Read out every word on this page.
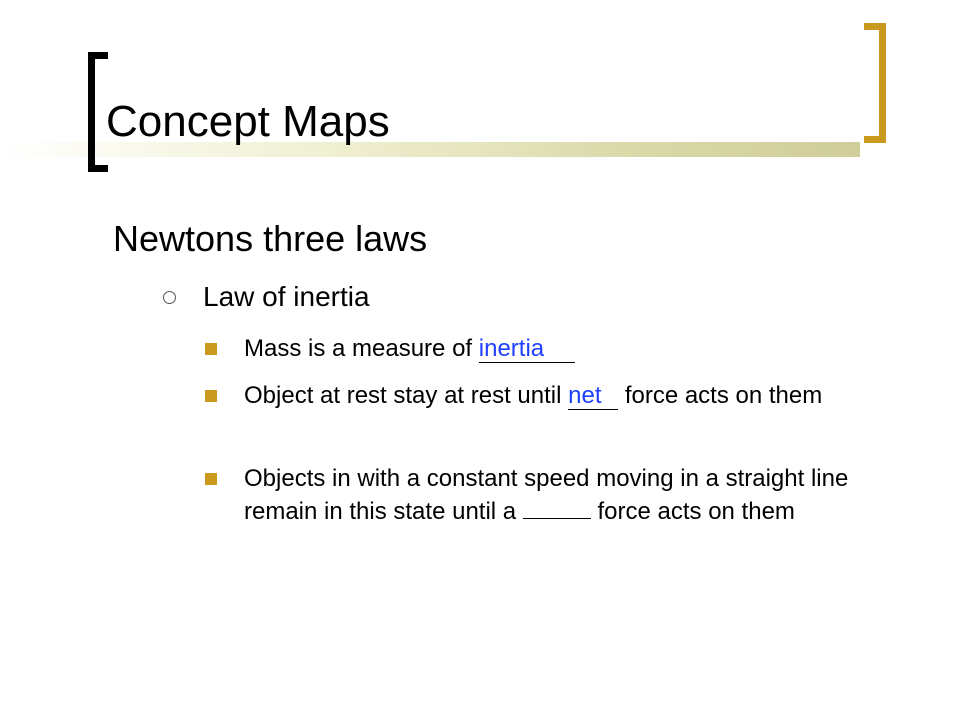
Concept Maps
Newtons three laws
Law of inertia
Mass is a measure of inertia
Object at rest stay at rest until net force acts on them
Objects in with a constant speed moving in a straight line remain in this state until a	force acts on them
